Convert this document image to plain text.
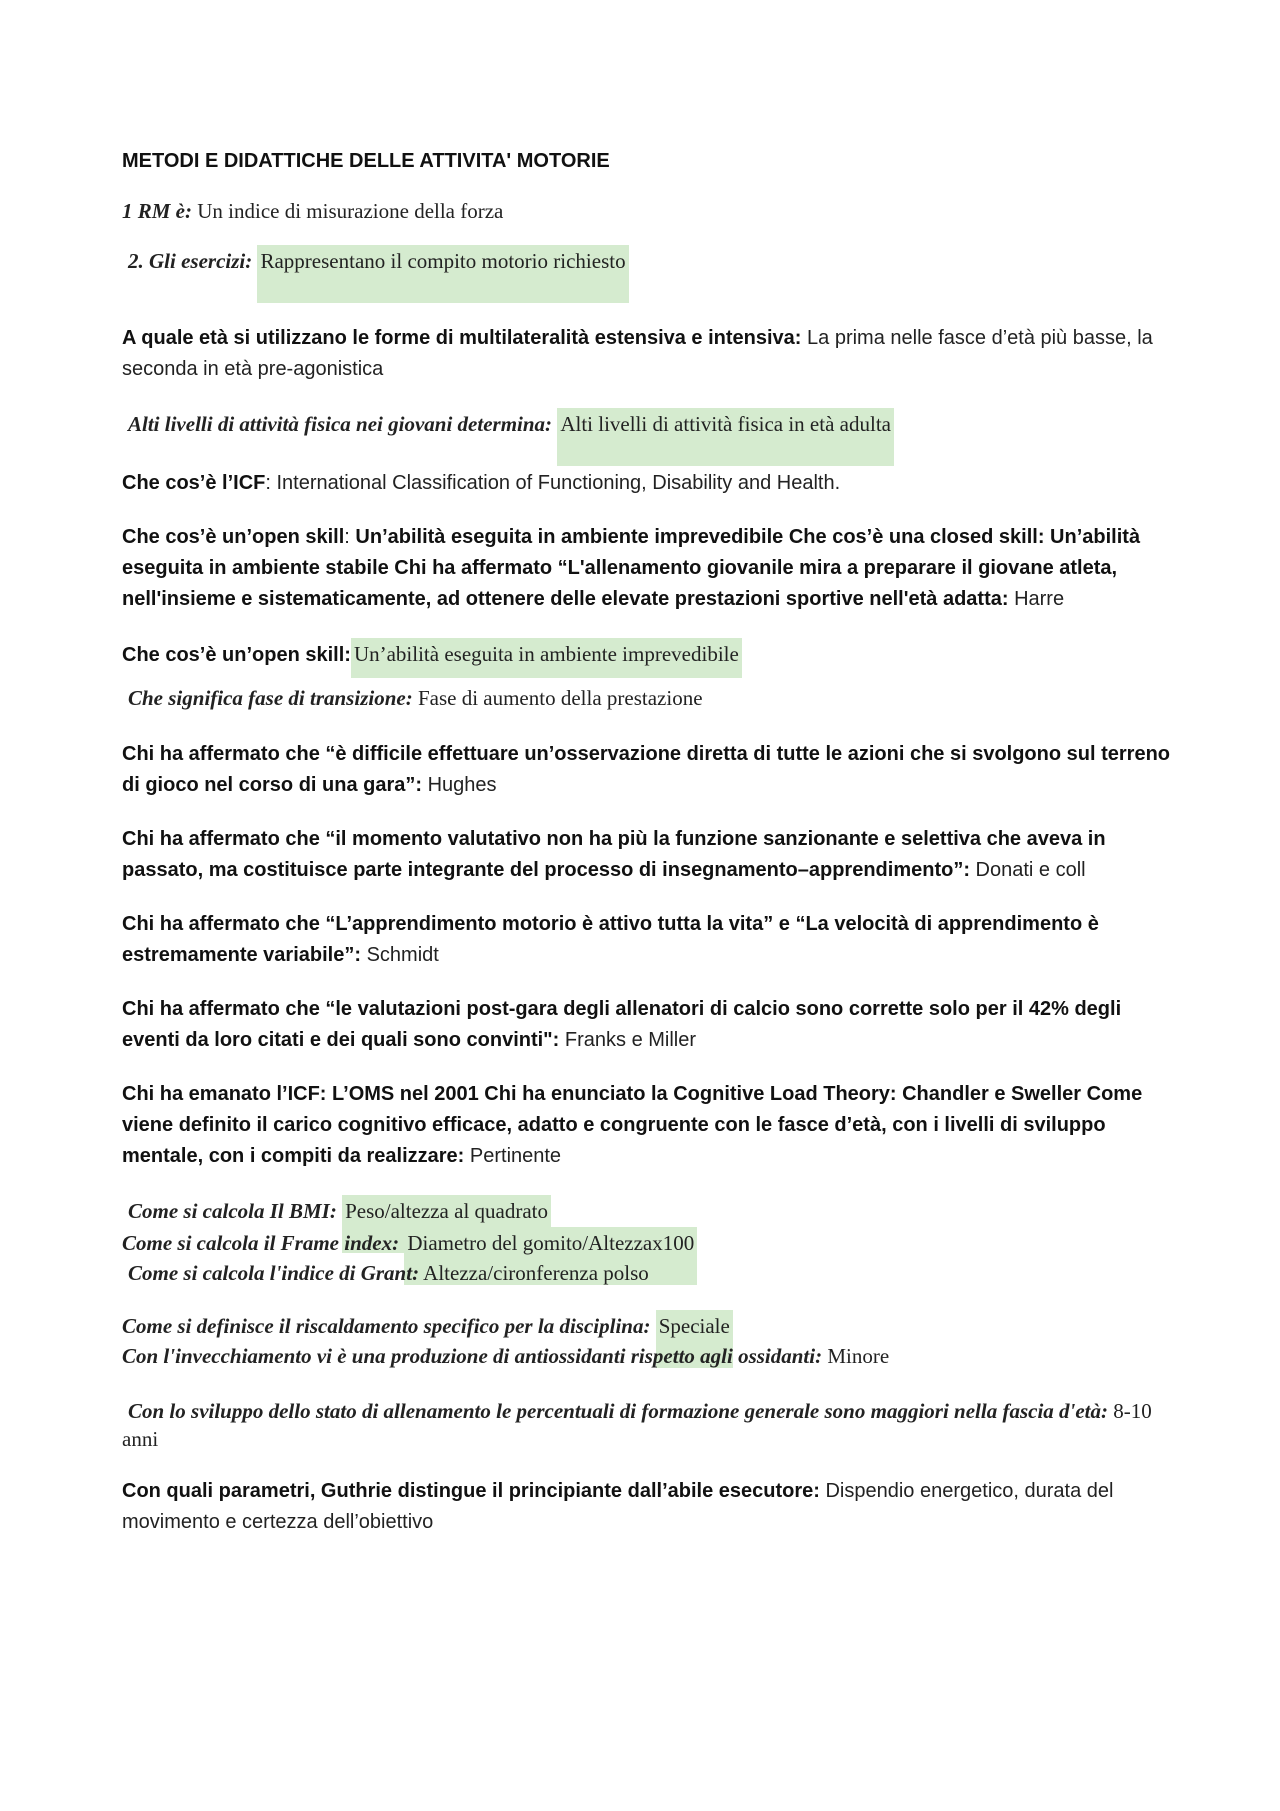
METODI E DIDATTICHE DELLE ATTIVITA' MOTORIE

1 RM è: Un indice di misurazione della forza

2. Gli esercizi: Rappresentano il compito motorio richiesto

A quale età si utilizzano le forme di multilateralità estensiva e intensiva: La prima nelle fasce d’età più basse, la seconda in età pre-agonistica

Alti livelli di attività fisica nei giovani determina: Alti livelli di attività fisica in età adulta

Che cos’è l’ICF: International Classification of Functioning, Disability and Health.

Che cos’è un’open skill: Un’abilità eseguita in ambiente imprevedibile Che cos’è una closed skill: Un’abilità eseguita in ambiente stabile Chi ha affermato “L'allenamento giovanile mira a preparare il giovane atleta, nell'insieme e sistematicamente, ad ottenere delle elevate prestazioni sportive nell'età adatta: Harre

Che cos’è un’open skill: Un’abilità eseguita in ambiente imprevedibile

Che significa fase di transizione: Fase di aumento della prestazione

Chi ha affermato che “è difficile effettuare un’osservazione diretta di tutte le azioni che si svolgono sul terreno di gioco nel corso di una gara”: Hughes

Chi ha affermato che “il momento valutativo non ha più la funzione sanzionante e selettiva che aveva in passato, ma costituisce parte integrante del processo di insegnamento–apprendimento”: Donati e coll

Chi ha affermato che “L’apprendimento motorio è attivo tutta la vita” e “La velocità di apprendimento è estremamente variabile”: Schmidt

Chi ha affermato che “le valutazioni post-gara degli allenatori di calcio sono corrette solo per il 42% degli eventi da loro citati e dei quali sono convinti": Franks e Miller

Chi ha emanato l’ICF: L’OMS nel 2001 Chi ha enunciato la Cognitive Load Theory: Chandler e Sweller Come viene definito il carico cognitivo efficace, adatto e congruente con le fasce d’età, con i livelli di sviluppo mentale, con i compiti da realizzare: Pertinente

Come si calcola Il BMI: Peso/altezza al quadrato

Come si calcola il Frame index: Diametro del gomito/Altezzax100

Come si calcola l'indice di Grant: Altezza/cironferenza polso

Come si definisce il riscaldamento specifico per la disciplina: Speciale

Con l'invecchiamento vi è una produzione di antiossidanti rispetto agli ossidanti: Minore

Con lo sviluppo dello stato di allenamento le percentuali di formazione generale sono maggiori nella fascia d'età: 8-10 anni

Con quali parametri, Guthrie distingue il principiante dall’abile esecutore: Dispendio energetico, durata del movimento e certezza dell’obiettivo
